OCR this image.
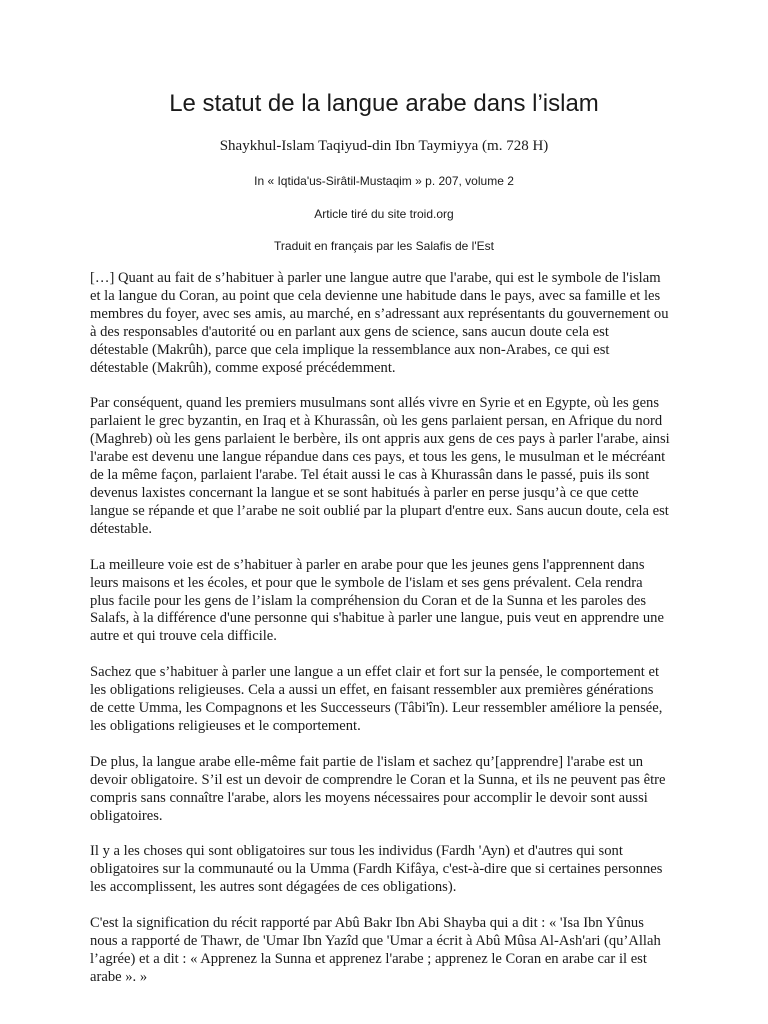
Le statut de la langue arabe dans l’islam
Shaykhul-Islam Taqiyud-din Ibn Taymiyya (m. 728 H)
In « Iqtida'us-Sirâtil-Mustaqim » p. 207, volume 2
Article tiré du site troid.org
Traduit en français par les Salafis de l'Est

[…] Quant au fait de s’habituer à parler une langue autre que l'arabe, qui est le symbole de l'islam et la langue du Coran, au point que cela devienne une habitude dans le pays, avec sa famille et les membres du foyer, avec ses amis, au marché, en s’adressant aux représentants du gouvernement ou à des responsables d'autorité ou en parlant aux gens de science, sans aucun doute cela est détestable (Makrûh), parce que cela implique la ressemblance aux non-Arabes, ce qui est détestable (Makrûh), comme exposé précédemment.

Par conséquent, quand les premiers musulmans sont allés vivre en Syrie et en Egypte, où les gens parlaient le grec byzantin, en Iraq et à Khurassân, où les gens parlaient persan, en Afrique du nord (Maghreb) où les gens parlaient le berbère, ils ont appris aux gens de ces pays à parler l'arabe, ainsi l'arabe est devenu une langue répandue dans ces pays, et tous les gens, le musulman et le mécréant de la même façon, parlaient l'arabe. Tel était aussi le cas à Khurassân dans le passé, puis ils sont devenus laxistes concernant la langue et se sont habitués à parler en perse jusqu’à ce que cette langue se répande et que l’arabe ne soit oublié par la plupart d'entre eux. Sans aucun doute, cela est détestable.

La meilleure voie est de s’habituer à parler en arabe pour que les jeunes gens l'apprennent dans leurs maisons et les écoles, et pour que le symbole de l'islam et ses gens prévalent. Cela rendra plus facile pour les gens de l’islam la compréhension du Coran et de la Sunna et les paroles des Salafs, à la différence d'une personne qui s'habitue à parler une langue, puis veut en apprendre une autre et qui trouve cela difficile.

Sachez que s’habituer à parler une langue a un effet clair et fort sur la pensée, le comportement et les obligations religieuses. Cela a aussi un effet, en faisant ressembler aux premières générations de cette Umma, les Compagnons et les Successeurs (Tâbi'în). Leur ressembler améliore la pensée, les obligations religieuses et le comportement.

De plus, la langue arabe elle-même fait partie de l'islam et sachez qu’[apprendre] l'arabe est un devoir obligatoire. S’il est un devoir de comprendre le Coran et la Sunna, et ils ne peuvent pas être compris sans connaître l'arabe, alors les moyens nécessaires pour accomplir le devoir sont aussi obligatoires.

Il y a les choses qui sont obligatoires sur tous les individus (Fardh 'Ayn) et d'autres qui sont obligatoires sur la communauté ou la Umma (Fardh Kifâya, c'est-à-dire que si certaines personnes les accomplissent, les autres sont dégagées de ces obligations).

C'est la signification du récit rapporté par Abû Bakr Ibn Abi Shayba qui a dit : « 'Isa Ibn Yûnus nous a rapporté de Thawr, de 'Umar Ibn Yazîd que 'Umar a écrit à Abû Mûsa Al-Ash'ari (qu’Allah l’agrée) et a dit : « Apprenez la Sunna et apprenez l'arabe ; apprenez le Coran en arabe car il est arabe ». »
